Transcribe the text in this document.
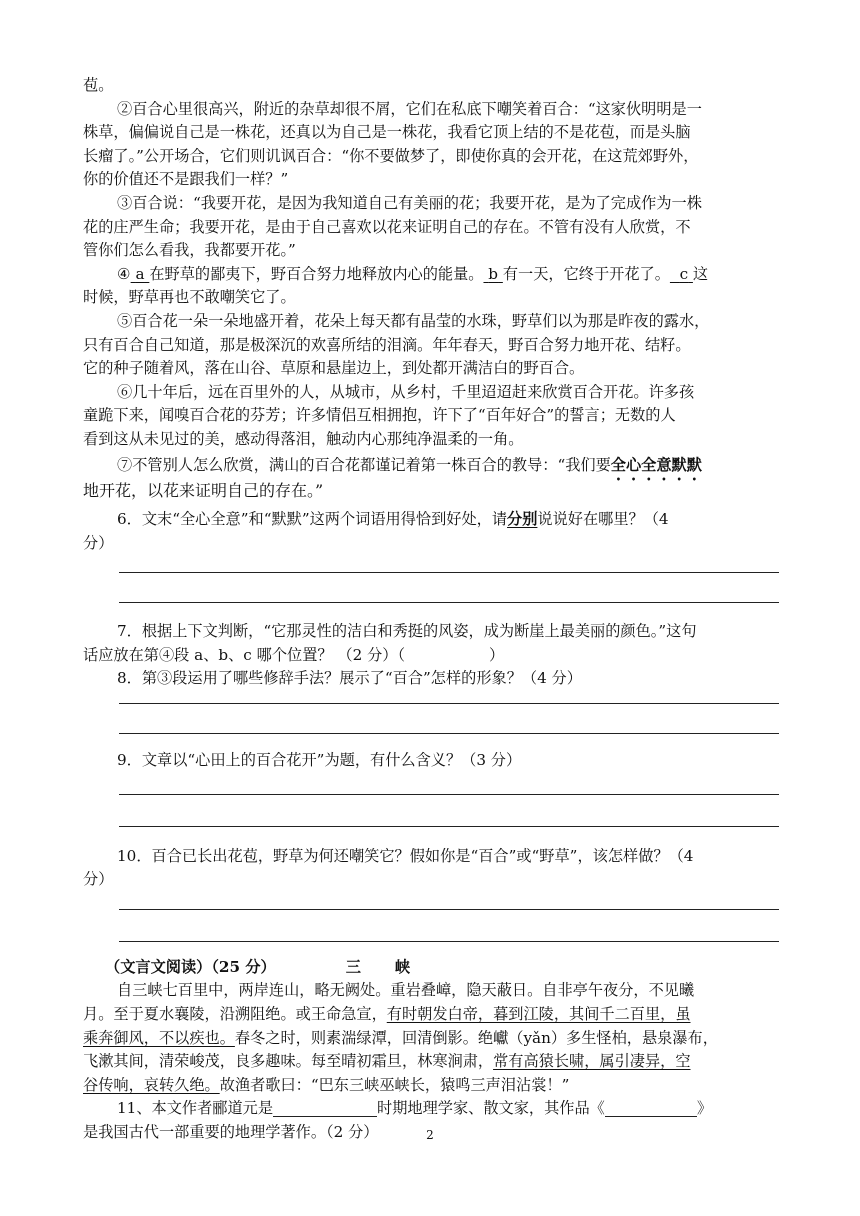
苞。
②百合心里很高兴，附近的杂草却很不屑，它们在私底下嘲笑着百合：“这家伙明明是一
株草，偏偏说自己是一株花，还真以为自己是一株花，我看它顶上结的不是花苞，而是头脑
长瘤了。”公开场合，它们则讥讽百合：“你不要做梦了，即使你真的会开花，在这荒郊野外，
你的价值还不是跟我们一样？”
③百合说：“我要开花，是因为我知道自己有美丽的花；我要开花，是为了完成作为一株
花的庄严生命；我要开花，是由于自己喜欢以花来证明自己的存在。不管有没有人欣赏，不
管你们怎么看我，我都要开花。”
④ a 在野草的鄙夷下，野百合努力地释放内心的能量。 b 有一天，它终于开花了。 c 这
时候，野草再也不敢嘲笑它了。
⑤百合花一朵一朵地盛开着，花朵上每天都有晶莹的水珠，野草们以为那是昨夜的露水，
只有百合自己知道，那是极深沉的欢喜所结的泪滴。年年春天，野百合努力地开花、结籽。
它的种子随着风，落在山谷、草原和悬崖边上，到处都开满洁白的野百合。
⑥几十年后，远在百里外的人，从城市，从乡村，千里迢迢赶来欣赏百合开花。许多孩
童跪下来，闻嗅百合花的芬芳；许多情侣互相拥抱，许下了“百年好合”的誓言；无数的人
看到这从未见过的美，感动得落泪，触动内心那纯净温柔的一角。
⑦不管别人怎么欣赏，满山的百合花都谨记着第一株百合的教导：“我们要全心全意默默
地开花，以花来证明自己的存在。”
6．文末“全心全意”和“默默”这两个词语用得恰到好处，请分别说说好在哪里？（4
分）
7．根据上下文判断，“它那灵性的洁白和秀挺的风姿，成为断崖上最美丽的颜色。”这句
话应放在第④段 a、b、c 哪个位置？ （2 分）（	）
8．第③段运用了哪些修辞手法？展示了“百合”怎样的形象？（4 分）
9．文章以“心田上的百合花开”为题，有什么含义？（3 分）
10．百合已长出花苞，野草为何还嘲笑它？假如你是“百合”或“野草”，该怎样做？（4
分）
（文言文阅读）（25 分）	三 峡
自三峡七百里中，两岸连山，略无阙处。重岩叠嶂，隐天蔽日。自非亭午夜分，不见曦
月。至于夏水襄陵，沿溯阻绝。或王命急宣，有时朝发白帝，暮到江陵，其间千二百里，虽
乘奔御风，不以疾也。春冬之时，则素湍绿潭，回清倒影。绝巘（yǎn）多生怪柏，悬泉瀑布，
飞漱其间，清荣峻茂，良多趣味。每至晴初霜旦，林寒涧肃，常有高猿长啸，属引凄异，空
谷传响，哀转久绝。故渔者歌曰：“巴东三峡巫峡长，猿鸣三声泪沾裳！”
11、本文作者郦道元是	时期地理学家、散文家，其作品《	》
是我国古代一部重要的地理学著作。（2 分）	2
